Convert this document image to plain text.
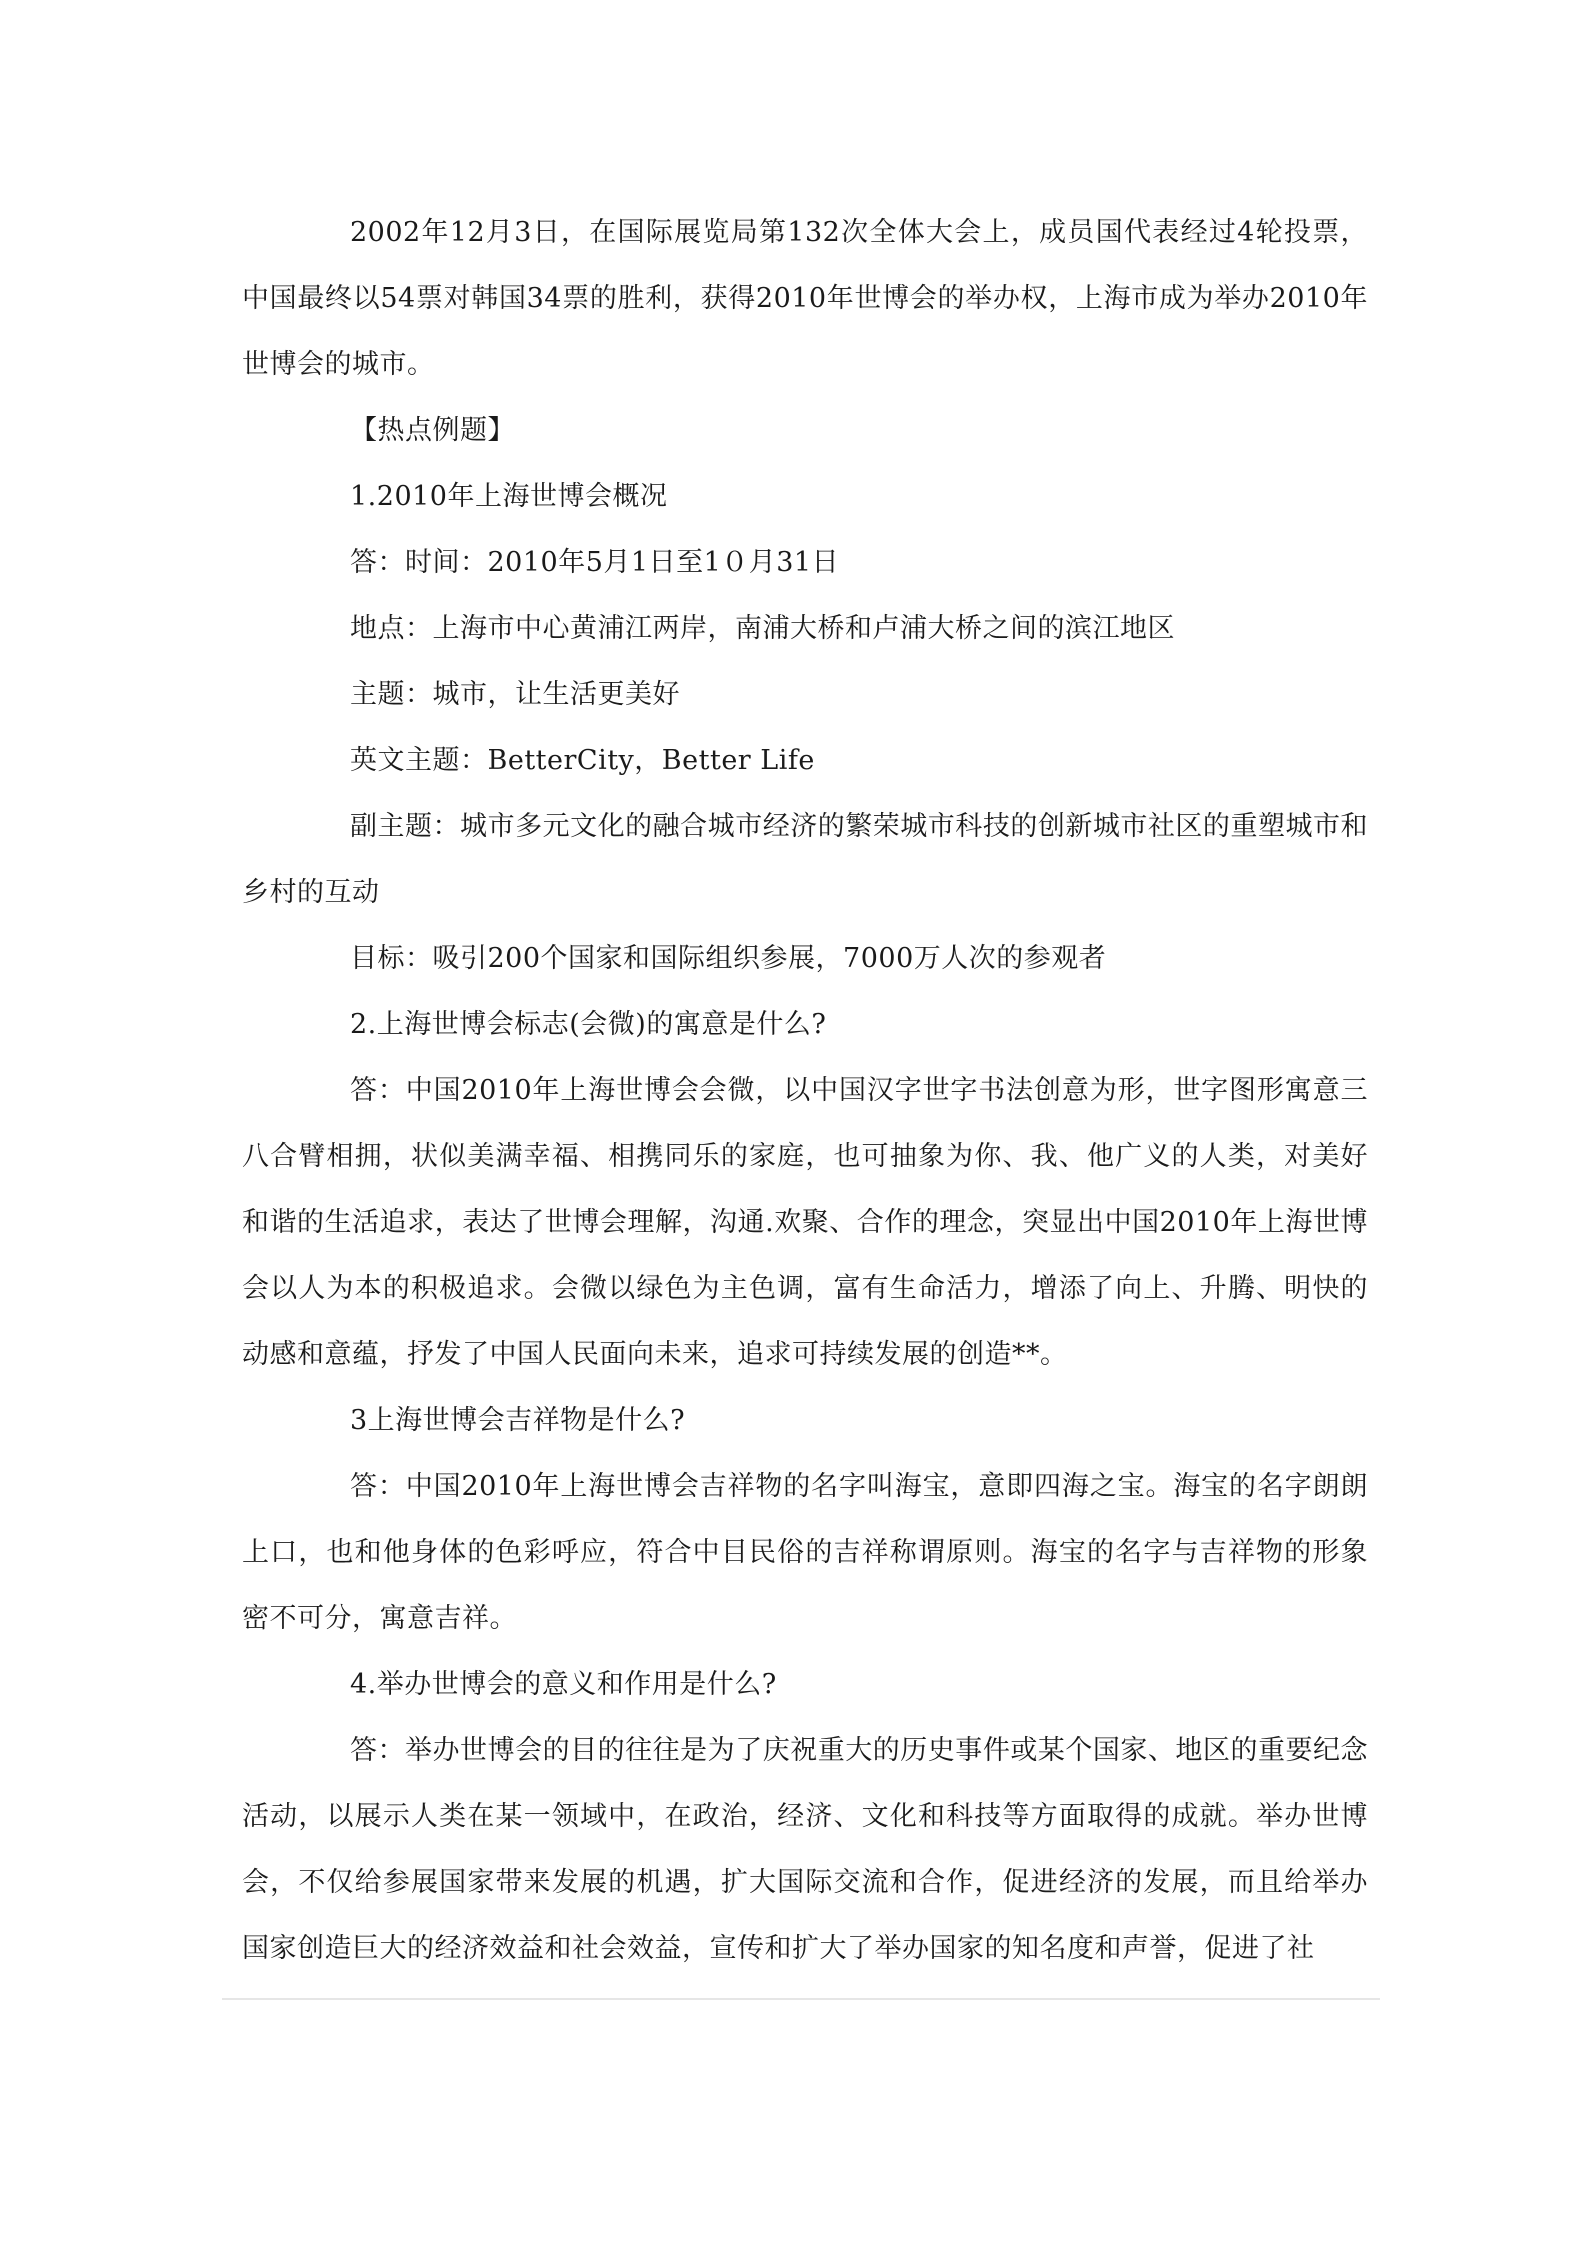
2002年12月3日，在国际展览局第132次全体大会上，成员国代表经过4轮投票，中国最终以54票对韩国34票的胜利，获得2010年世博会的举办权，上海市成为举办2010年世博会的城市。

【热点例题】

1.2010年上海世博会概况

答：时间：2010年5月1日至1０月31日

地点：上海市中心黄浦江两岸，南浦大桥和卢浦大桥之间的滨江地区

主题：城市，让生活更美好

英文主题：BetterCity，Better Life

副主题：城市多元文化的融合城市经济的繁荣城市科技的创新城市社区的重塑城市和乡村的互动

目标：吸引200个国家和国际组织参展，7000万人次的参观者

2.上海世博会标志(会微)的寓意是什么?

答：中国2010年上海世博会会微，以中国汉字世字书法创意为形，世字图形寓意三八合臂相拥，状似美满幸福、相携同乐的家庭，也可抽象为你、我、他广义的人类，对美好和谐的生活追求，表达了世博会理解，沟通.欢聚、合作的理念，突显出中国2010年上海世博会以人为本的积极追求。会微以绿色为主色调，富有生命活力，增添了向上、升腾、明快的动感和意蕴，抒发了中国人民面向未来，追求可持续发展的创造**。

3上海世博会吉祥物是什么?

答：中国2010年上海世博会吉祥物的名字叫海宝，意即四海之宝。海宝的名字朗朗上口，也和他身体的色彩呼应，符合中目民俗的吉祥称谓原则。海宝的名字与吉祥物的形象密不可分，寓意吉祥。

4.举办世博会的意义和作用是什么?

答：举办世博会的目的往往是为了庆祝重大的历史事件或某个国家、地区的重要纪念活动，以展示人类在某一领域中，在政治，经济、文化和科技等方面取得的成就。举办世博会，不仅给参展国家带来发展的机遇，扩大国际交流和合作，促进经济的发展，而且给举办国家创造巨大的经济效益和社会效益，宣传和扩大了举办国家的知名度和声誉，促进了社
